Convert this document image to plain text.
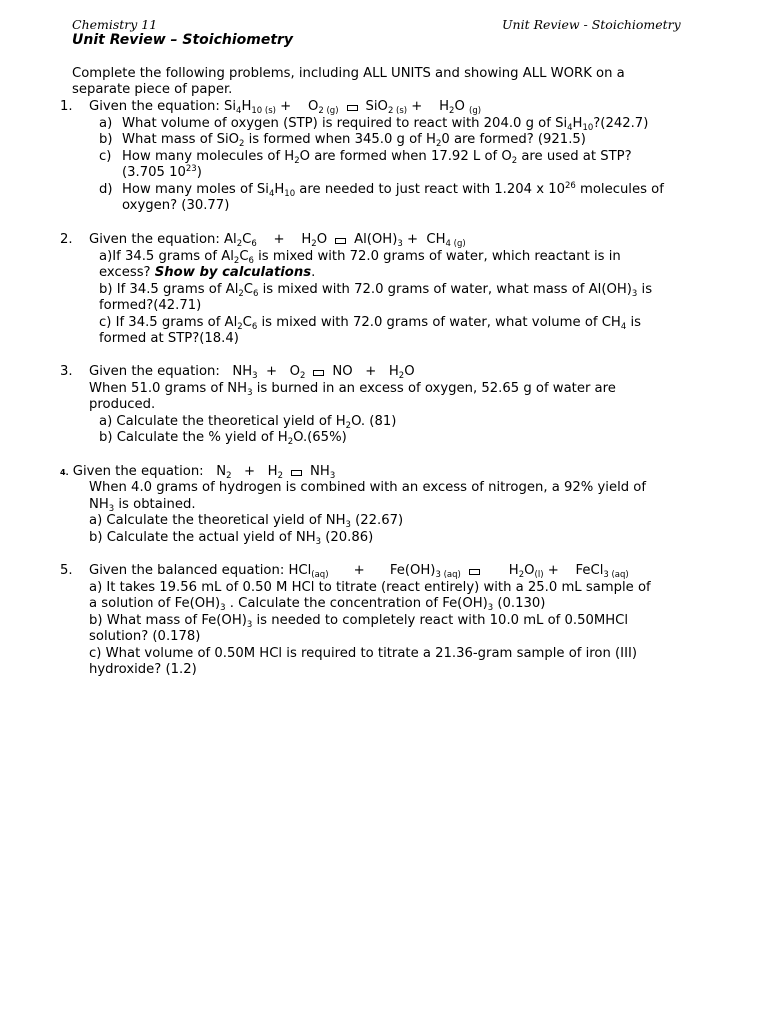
Chemistry 11	Unit Review - Stoichiometry
Unit Review – Stoichiometry
Complete the following problems, including ALL UNITS and showing ALL WORK on a
separate piece of paper.
1. Given the equation: $Si_4H_{10 (s)}$ +    $O_{2 (g)}$ SiO$_{2 (s)}$ +    $H_2O$ $_{(g)}$
a) What volume of oxygen (STP) is required to react with 204.0 g of $Si_4H_{10}?(242.7)$
b) What mass of SiO$_2$ is formed when 345.0 g of $H_20$ are formed? (921.5)
c) How many molecules of $H_2O$ are formed when 17.92 L of $O_2$ are used at STP?
(3.705 $10^{23}$)
d) How many moles of $Si_4H_{10}$ are needed to just react with 1.204 x $10^{26}$ molecules of
oxygen? (30.77)
2. Given the equation: $Al_2C_6$    +    $H_2O$ $Al(OH)_3 + CH_{4 (g)}$
a)If 34.5 grams of $Al_2C_6$ is mixed with 72.0 grams of water, which reactant is in
excess? Show by calculations.
b) If 34.5 grams of $Al_2C_6$ is mixed with 72.0 grams of water, what mass of $Al(OH)_3$ is
formed?(42.71)
c) If 34.5 grams of $Al_2C_6$ is mixed with 72.0 grams of water, what volume of $CH_4$ is
formed at STP?(18.4)
3. Given the equation:   $NH_3 + O_2$ NO   +   $H_2O$
When 51.0 grams of $NH_3$ is burned in an excess of oxygen, 52.65 g of water are
produced.
a) Calculate the theoretical yield of $H_2O$. (81)
b) Calculate the % yield of $H_2O.(65\%)$
4. Given the equation:   $N_2 + H_2$ $NH_3$
When 4.0 grams of hydrogen is combined with an excess of nitrogen, a 92% yield of
$NH_3$ is obtained.
a) Calculate the theoretical yield of $NH_3$ (22.67)
b) Calculate the actual yield of $NH_3$ (20.86)
5. Given the balanced equation: HCl$_{(aq)}$      +      $Fe(OH)_{3 (aq)}$     $H_2O_{(l)}$ +    FeCl$_{3 (aq)}$
a) It takes 19.56 mL of 0.50 M HCl to titrate (react entirely) with a 25.0 mL sample of
a solution of $Fe(OH)_3$ . Calculate the concentration of $Fe(OH)_3$ (0.130)
b) What mass of $Fe(OH)_3$ is needed to completely react with 10.0 mL of 0.50MHCl
solution? (0.178)
c) What volume of 0.50M HCl is required to titrate a 21.36-gram sample of iron (III)
hydroxide? (1.2)
